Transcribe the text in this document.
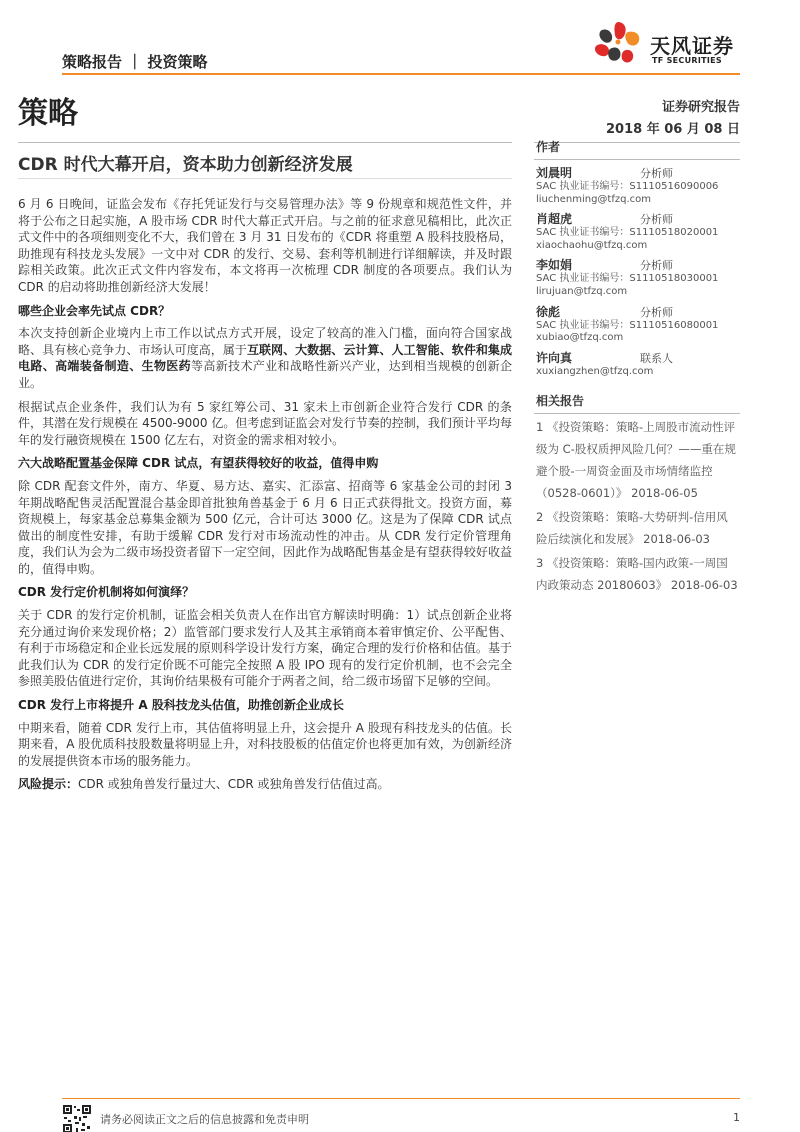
策略报告 ｜ 投资策略
天风证券
TF SECURITIES
策略	证券研究报告
2018 年 06 月 08 日
CDR 时代大幕开启，资本助力创新经济发展

6 月 6 日晚间，证监会发布《存托凭证发行与交易管理办法》等 9 份规章和规范性文件，并将于公布之日起实施，A 股市场 CDR 时代大幕正式开启。与之前的征求意见稿相比，此次正式文件中的各项细则变化不大，我们曾在 3 月 31 日发布的《CDR 将重塑 A 股科技股格局，助推现有科技龙头发展》一文中对 CDR 的发行、交易、套利等机制进行详细解读，并及时跟踪相关政策。此次正式文件内容发布，本文将再一次梳理 CDR 制度的各项要点。我们认为 CDR 的启动将助推创新经济大发展！

哪些企业会率先试点 CDR？

本次支持创新企业境内上市工作以试点方式开展，设定了较高的准入门槛，面向符合国家战略、具有核心竞争力、市场认可度高，属于互联网、大数据、云计算、人工智能、软件和集成电路、高端装备制造、生物医药等高新技术产业和战略性新兴产业，达到相当规模的创新企业。

根据试点企业条件，我们认为有 5 家红筹公司、31 家未上市创新企业符合发行 CDR 的条件，其潜在发行规模在 4500-9000 亿。但考虑到证监会对发行节奏的控制，我们预计平均每年的发行融资规模在 1500 亿左右，对资金的需求相对较小。

六大战略配置基金保障 CDR 试点，有望获得较好的收益，值得申购

除 CDR 配套文件外，南方、华夏、易方达、嘉实、汇添富、招商等 6 家基金公司的封闭 3 年期战略配售灵活配置混合基金即首批独角兽基金于 6 月 6 日正式获得批文。投资方面，募资规模上，每家基金总募集金额为 500 亿元，合计可达 3000 亿。这是为了保障 CDR 试点做出的制度性安排，有助于缓解 CDR 发行对市场流动性的冲击。从 CDR 发行定价管理角度，我们认为会为二级市场投资者留下一定空间，因此作为战略配售基金是有望获得较好收益的，值得申购。

CDR 发行定价机制将如何演绎？

关于 CDR 的发行定价机制，证监会相关负责人在作出官方解读时明确：1）试点创新企业将充分通过询价来发现价格；2）监管部门要求发行人及其主承销商本着审慎定价、公平配售、有利于市场稳定和企业长远发展的原则科学设计发行方案，确定合理的发行价格和估值。基于此我们认为 CDR 的发行定价既不可能完全按照 A 股 IPO 现有的发行定价机制，也不会完全参照美股估值进行定价，其询价结果极有可能介于两者之间，给二级市场留下足够的空间。

CDR 发行上市将提升 A 股科技龙头估值，助推创新企业成长

中期来看，随着 CDR 发行上市，其估值将明显上升，这会提升 A 股现有科技龙头的估值。长期来看，A 股优质科技股数量将明显上升，对科技股板的估值定价也将更加有效，为创新经济的发展提供资本市场的服务能力。

风险提示：CDR 或独角兽发行量过大、CDR 或独角兽发行估值过高。

作者
刘晨明	分析师
SAC 执业证书编号：S1110516090006
liuchenming@tfzq.com
肖超虎	分析师
SAC 执业证书编号：S1110518020001
xiaochaohu@tfzq.com
李如娟	分析师
SAC 执业证书编号：S1110518030001
lirujuan@tfzq.com
徐彪	分析师
SAC 执业证书编号：S1110516080001
xubiao@tfzq.com
许向真	联系人
xuxiangzhen@tfzq.com
相关报告
1 《投资策略：策略-上周股市流动性评级为 C-股权质押风险几何？——重在规避个股-一周资金面及市场情绪监控（0528-0601）》 2018-06-05
2 《投资策略：策略-大势研判-信用风险后续演化和发展》 2018-06-03
3 《投资策略：策略-国内政策-一周国内政策动态 20180603》 2018-06-03
请务必阅读正文之后的信息披露和免责申明	1
